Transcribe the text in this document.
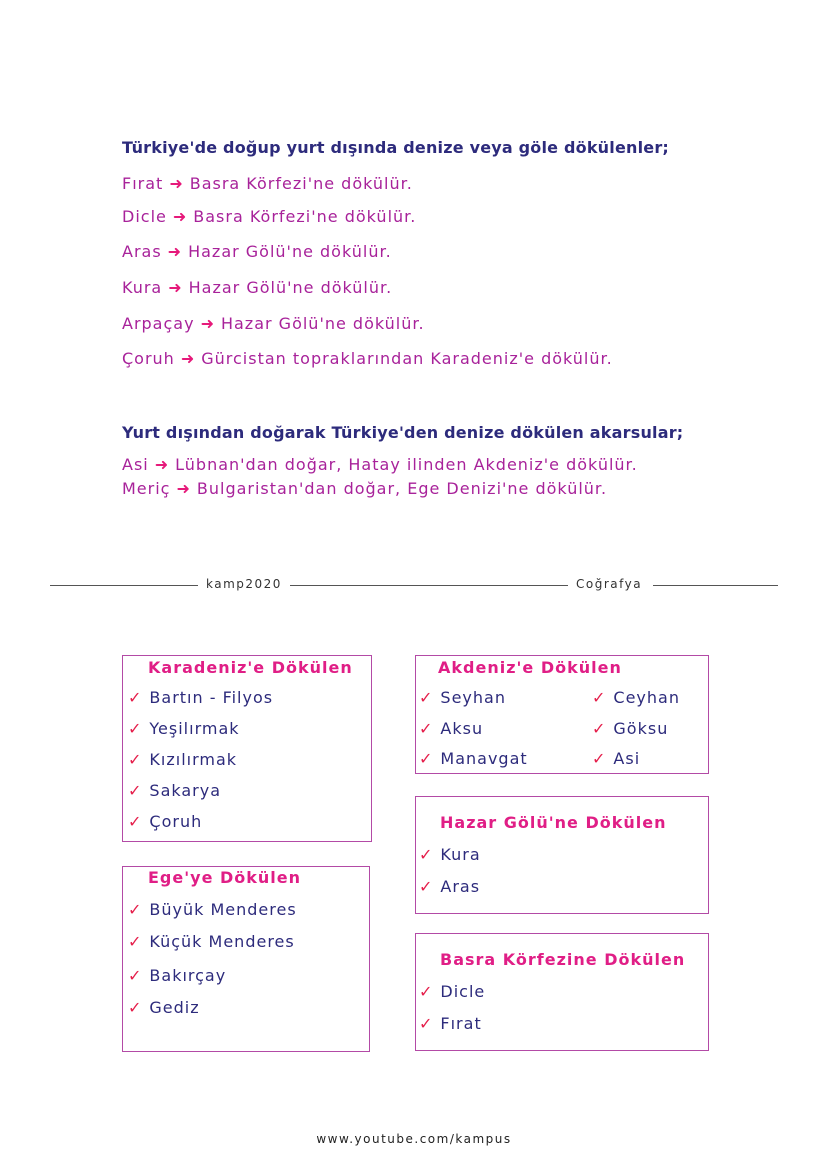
Türkiye'de doğup yurt dışında denize veya göle dökülenler;
Yurt dışından doğarak Türkiye'den denize dökülen akarsular;
kamp2020	Coğrafya
www.youtube.com/kampus
Fırat ➜ Basra Körfezi'ne dökülür.
Dicle ➜ Basra Körfezi'ne dökülür.
Aras ➜ Hazar Gölü'ne dökülür.
Kura ➜ Hazar Gölü'ne dökülür.
Arpaçay ➜ Hazar Gölü'ne dökülür.
Çoruh ➜ Gürcistan topraklarından Karadeniz'e dökülür.
Asi ➜ Lübnan'dan doğar, Hatay ilinden Akdeniz'e dökülür.
Meriç ➜ Bulgaristan'dan doğar, Ege Denizi'ne dökülür.
Karadeniz'e Dökülen
✓ Bartın - Filyos
✓ Yeşilırmak
✓ Kızılırmak
✓ Sakarya
✓ Çoruh
Ege'ye Dökülen
✓ Büyük Menderes
✓ Küçük Menderes
✓ Bakırçay
✓ Gediz
Akdeniz'e Dökülen
✓ Seyhan	✓ Ceyhan
✓ Aksu	✓ Göksu
✓ Manavgat	✓ Asi
Hazar Gölü'ne Dökülen
✓ Kura
✓ Aras
Basra Körfezine Dökülen
✓ Dicle
✓ Fırat
